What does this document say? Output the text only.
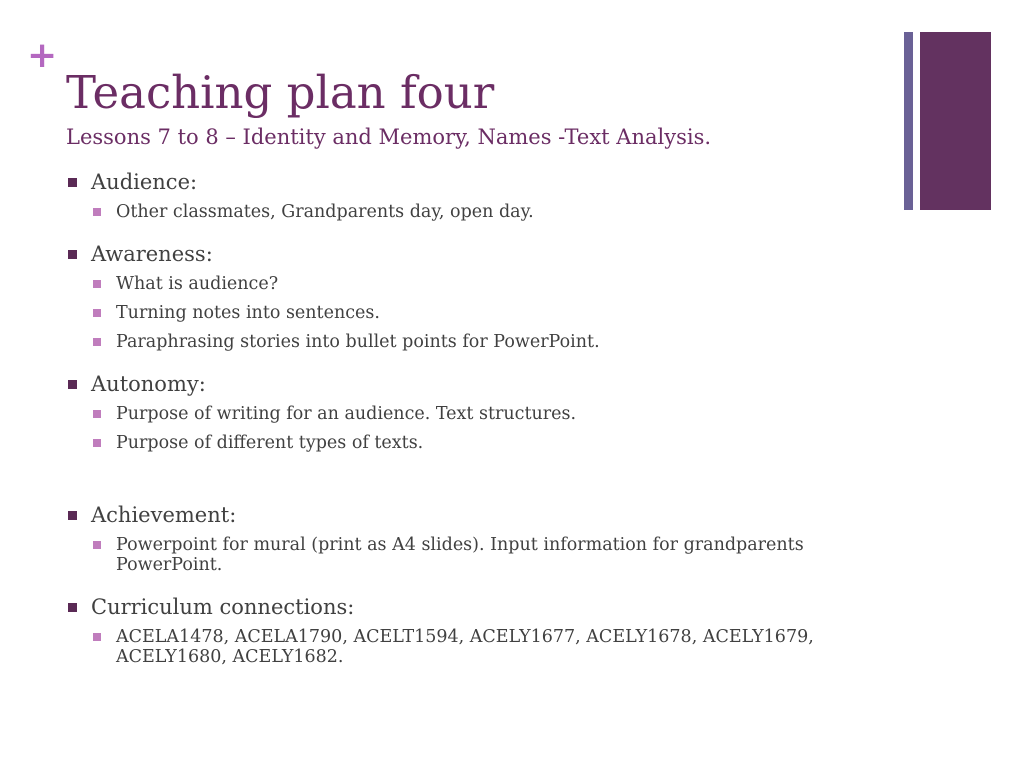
+
Teaching plan four
Lessons 7 to 8 – Identity and Memory, Names -Text Analysis.
Audience:
Other classmates, Grandparents day, open day.
Awareness:
What is audience?
Turning notes into sentences.
Paraphrasing stories into bullet points for PowerPoint.
Autonomy:
Purpose of writing for an audience. Text structures.
Purpose of different types of texts.
Achievement:
Powerpoint for mural (print as A4 slides). Input information for grandparents PowerPoint.
Curriculum connections:
ACELA1478, ACELA1790, ACELT1594, ACELY1677, ACELY1678, ACELY1679, ACELY1680, ACELY1682.
